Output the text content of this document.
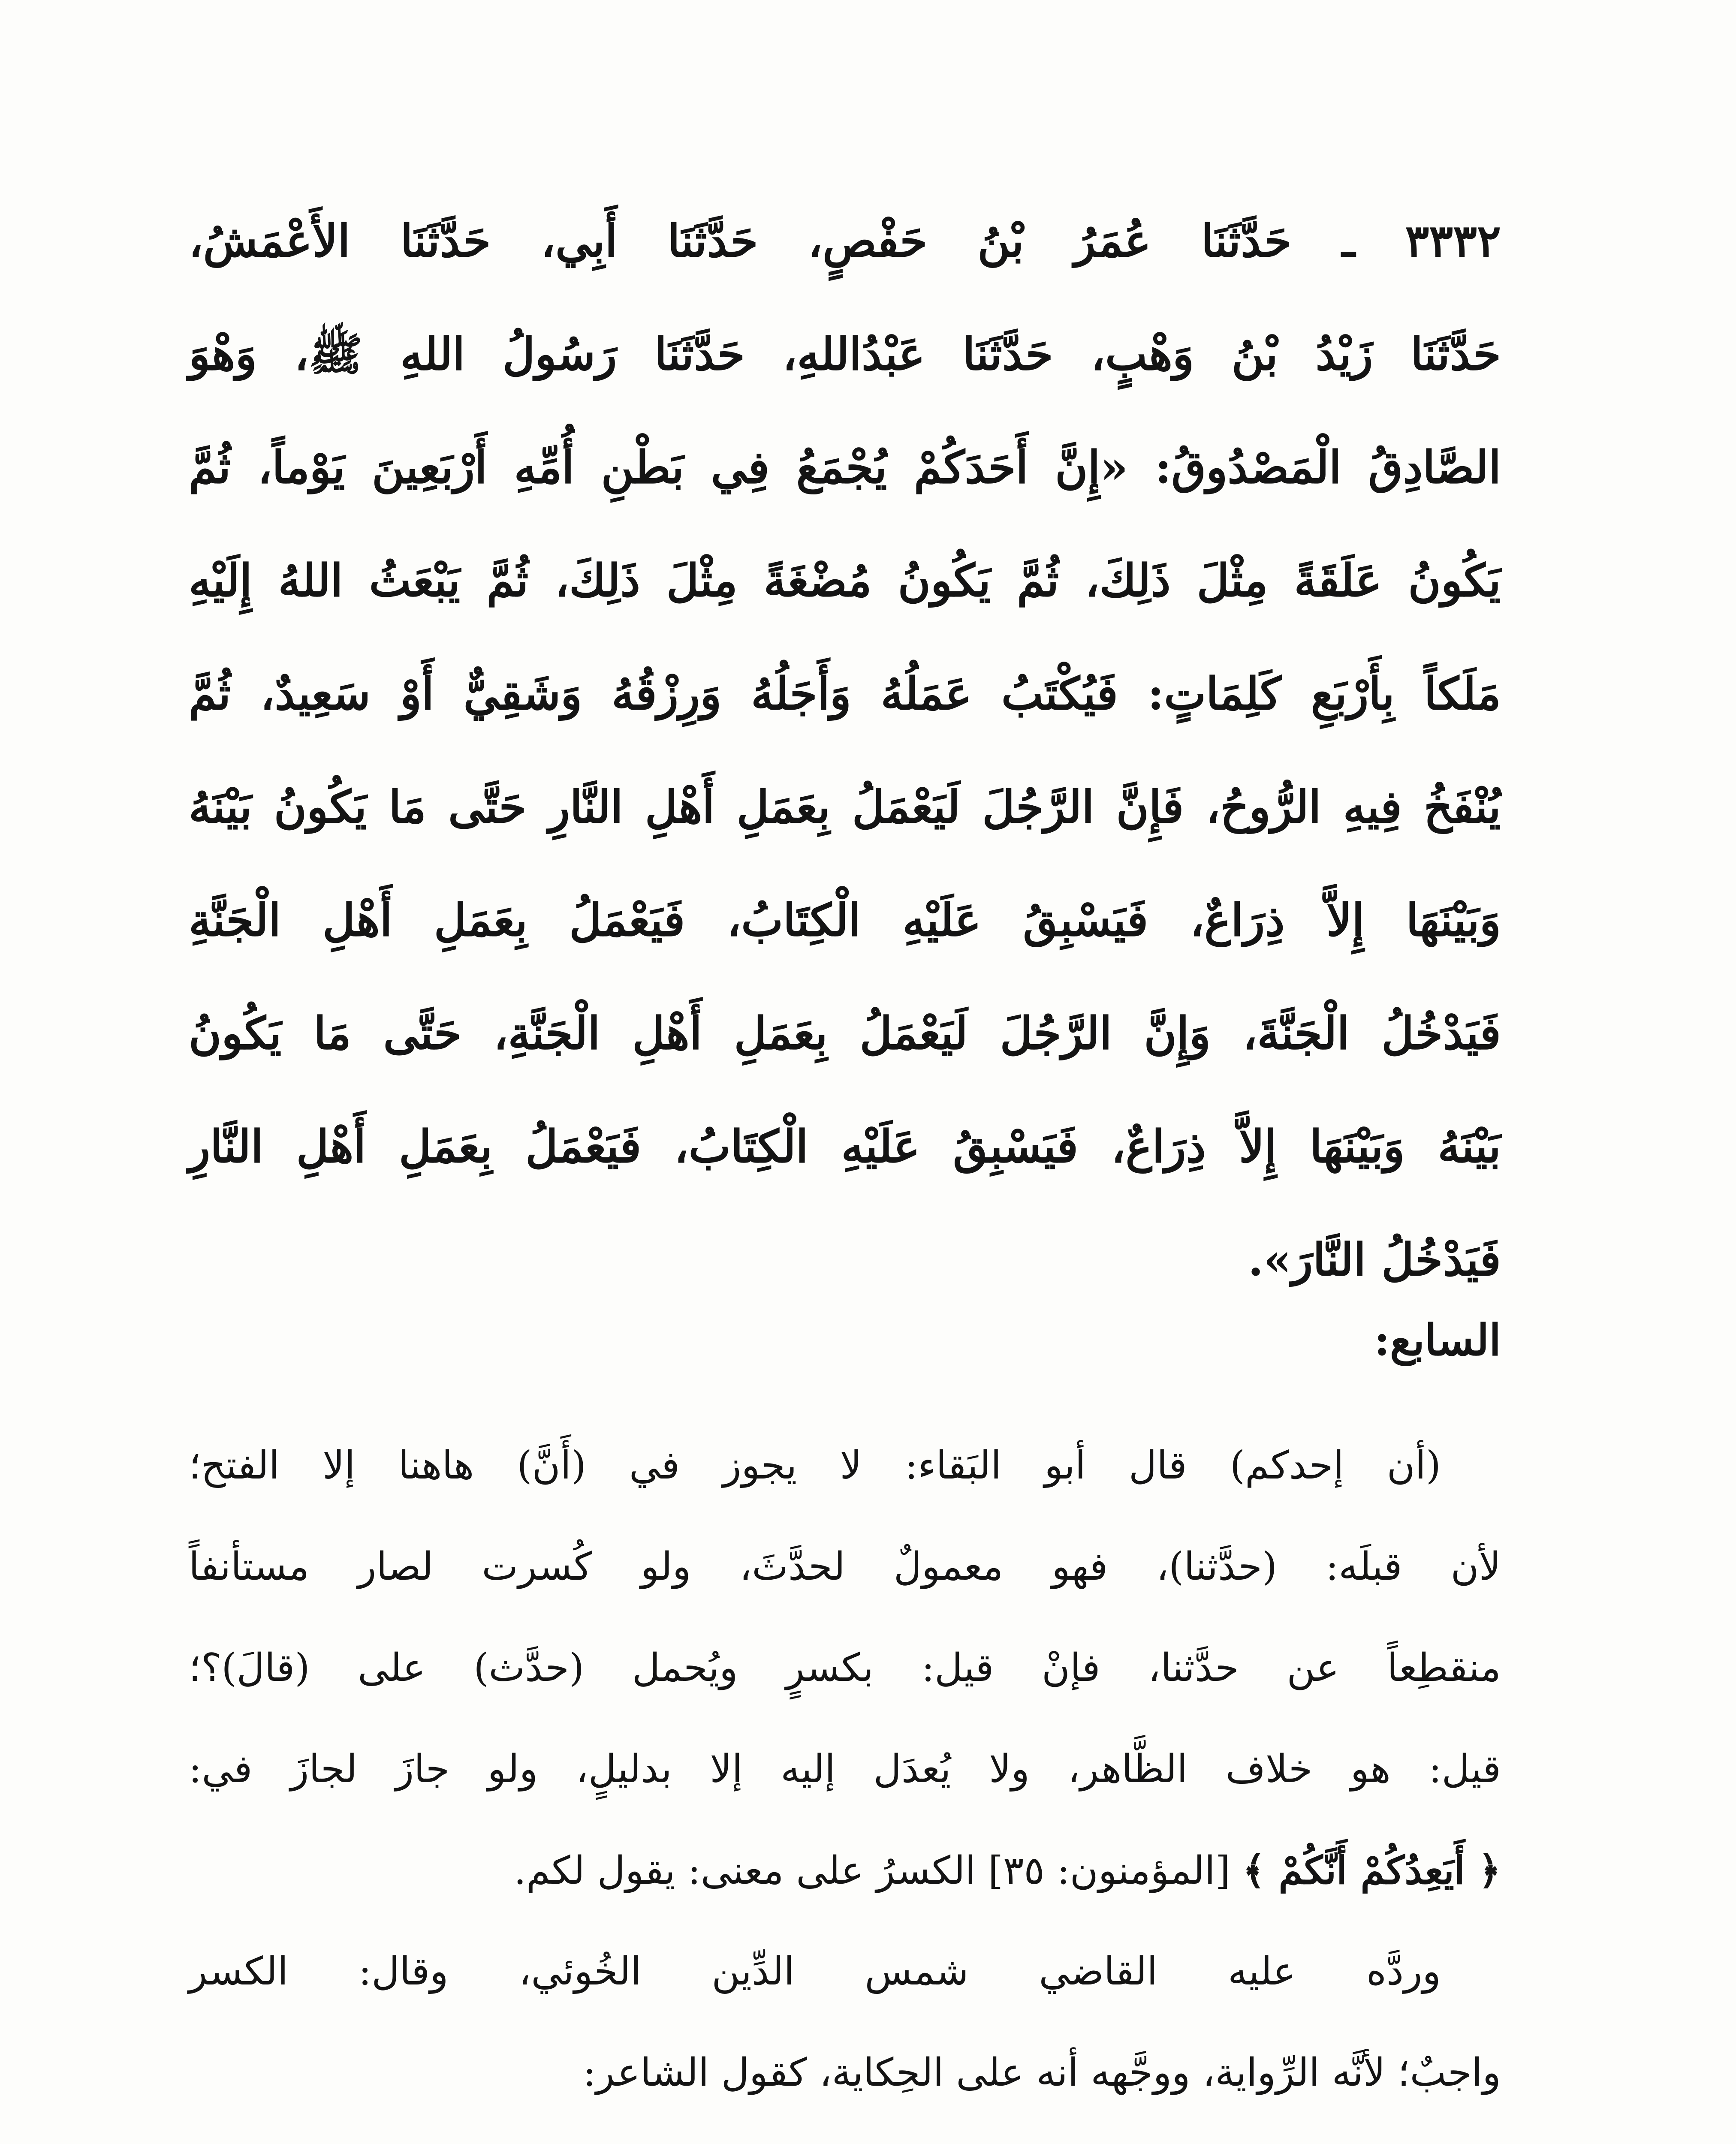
٣٣٣٢ ـ حَدَّثَنَا عُمَرُ بْنُ حَفْصٍ، حَدَّثَنَا أَبِي، حَدَّثَنَا الأَعْمَشُ،
حَدَّثَنَا زَيْدُ بْنُ وَهْبٍ، حَدَّثَنَا عَبْدُاللهِ، حَدَّثَنَا رَسُولُ اللهِ ﷺ، وَهْوَ
الصَّادِقُ الْمَصْدُوقُ: «إِنَّ أَحَدَكُمْ يُجْمَعُ فِي بَطْنِ أُمِّهِ أَرْبَعِينَ يَوْماً، ثُمَّ
يَكُونُ عَلَقَةً مِثْلَ ذَلِكَ، ثُمَّ يَكُونُ مُضْغَةً مِثْلَ ذَلِكَ، ثُمَّ يَبْعَثُ اللهُ إِلَيْهِ
مَلَكاً بِأَرْبَعِ كَلِمَاتٍ: فَيُكْتَبُ عَمَلُهُ وَأَجَلُهُ وَرِزْقُهُ وَشَقِيٌّ أَوْ سَعِيدٌ، ثُمَّ
يُنْفَخُ فِيهِ الرُّوحُ، فَإِنَّ الرَّجُلَ لَيَعْمَلُ بِعَمَلِ أَهْلِ النَّارِ حَتَّى مَا يَكُونُ بَيْنَهُ
وَبَيْنَهَا إِلاَّ ذِرَاعٌ، فَيَسْبِقُ عَلَيْهِ الْكِتَابُ، فَيَعْمَلُ بِعَمَلِ أَهْلِ الْجَنَّةِ
فَيَدْخُلُ الْجَنَّةَ، وَإِنَّ الرَّجُلَ لَيَعْمَلُ بِعَمَلِ أَهْلِ الْجَنَّةِ، حَتَّى مَا يَكُونُ
بَيْنَهُ وَبَيْنَهَا إِلاَّ ذِرَاعٌ، فَيَسْبِقُ عَلَيْهِ الْكِتَابُ، فَيَعْمَلُ بِعَمَلِ أَهْلِ النَّارِ
فَيَدْخُلُ النَّارَ».
السابع:
(أن إحدكم) قال أبو البَقاء: لا يجوز في (أَنَّ) هاهنا إلا الفتح؛
لأن قبلَه: (حدَّثنا)، فهو معمولٌ لحدَّثَ، ولو كُسرت لصار مستأنفاً
منقطِعاً عن حدَّثنا، فإنْ قيل: بكسرٍ ويُحمل (حدَّث) على (قالَ)؟؛
قيل: هو خلاف الظَّاهر، ولا يُعدَل إليه إلا بدليلٍ، ولو جازَ لجازَ في:
﴿ أَيَعِدُكُمْ أَنَّكُمْ ﴾ [المؤمنون: ٣٥] الكسرُ على معنى: يقول لكم.
وردَّه عليه القاضي شمس الدِّين الخُوئي، وقال: الكسر
واجبٌ؛ لأنَّه الرِّواية، ووجَّهه أنه على الحِكاية، كقول الشاعر:
